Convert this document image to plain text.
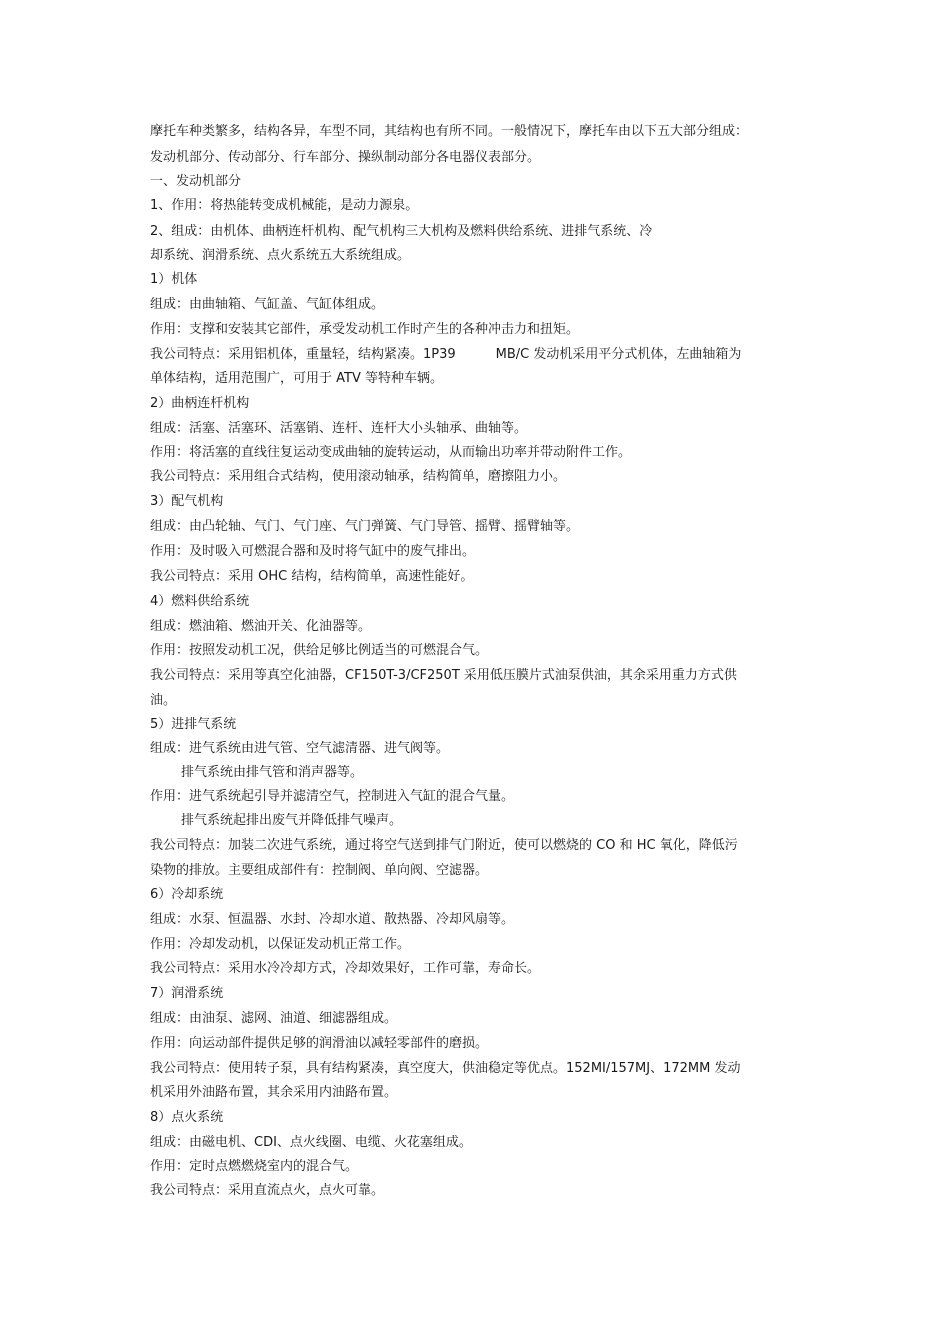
摩托车种类繁多，结构各异，车型不同，其结构也有所不同。一般情况下，摩托车由以下五大部分组成：
发动机部分、传动部分、行车部分、操纵制动部分各电器仪表部分。
一、发动机部分
1、作用：将热能转变成机械能，是动力源泉。
2、组成：由机体、曲柄连杆机构、配气机构三大机构及燃料供给系统、进排气系统、冷
却系统、润滑系统、点火系统五大系统组成。
1）机体
组成：由曲轴箱、气缸盖、气缸体组成。
作用：支撑和安装其它部件，承受发动机工作时产生的各种冲击力和扭矩。
我公司特点：采用铝机体，重量轻，结构紧凑。1P39	MB/C 发动机采用平分式机体，左曲轴箱为
单体结构，适用范围广，可用于 ATV 等特种车辆。
2）曲柄连杆机构
组成：活塞、活塞环、活塞销、连杆、连杆大小头轴承、曲轴等。
作用：将活塞的直线往复运动变成曲轴的旋转运动，从而输出功率并带动附件工作。
我公司特点：采用组合式结构，使用滚动轴承，结构简单，磨擦阻力小。
3）配气机构
组成：由凸轮轴、气门、气门座、气门弹簧、气门导管、摇臂、摇臂轴等。
作用：及时吸入可燃混合器和及时将气缸中的废气排出。
我公司特点：采用 OHC 结构，结构简单，高速性能好。
4）燃料供给系统
组成：燃油箱、燃油开关、化油器等。
作用：按照发动机工况，供给足够比例适当的可燃混合气。
我公司特点：采用等真空化油器，CF150T-3/CF250T 采用低压膜片式油泵供油，其余采用重力方式供
油。
5）进排气系统
组成：进气系统由进气管、空气滤清器、进气阀等。
排气系统由排气管和消声器等。
作用：进气系统起引导并滤清空气，控制进入气缸的混合气量。
排气系统起排出废气并降低排气噪声。
我公司特点：加装二次进气系统，通过将空气送到排气门附近，使可以燃烧的 CO 和 HC 氧化，降低污
染物的排放。主要组成部件有：控制阀、单向阀、空滤器。
6）冷却系统
组成：水泵、恒温器、水封、冷却水道、散热器、冷却风扇等。
作用：冷却发动机，以保证发动机正常工作。
我公司特点：采用水冷冷却方式，冷却效果好，工作可靠，寿命长。
7）润滑系统
组成：由油泵、滤网、油道、细滤器组成。
作用：向运动部件提供足够的润滑油以减轻零部件的磨损。
我公司特点：使用转子泵，具有结构紧凑，真空度大，供油稳定等优点。152MI/157MJ、172MM 发动
机采用外油路布置，其余采用内油路布置。
8）点火系统
组成：由磁电机、CDI、点火线圈、电缆、火花塞组成。
作用：定时点燃燃烧室内的混合气。
我公司特点：采用直流点火，点火可靠。
